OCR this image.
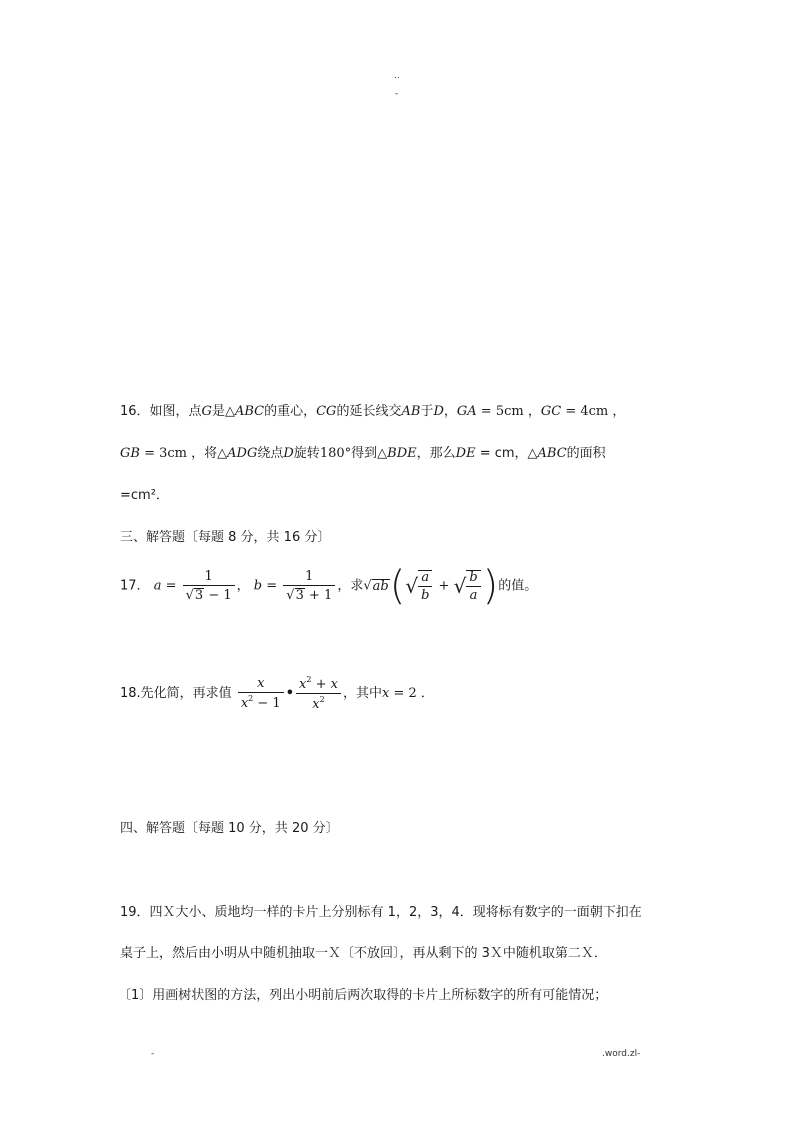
..
-
16．如图，点G是△ABC的重心，CG的延长线交AB于D，GA = 5cm ，GC = 4cm ，
GB = 3cm ，将△ADG绕点D旋转180°得到△BDE，那么DE = cm，△ABC的面积
=cm²．
三、解答题〔每题 8 分，共 16 分〕
17． $a = \frac{1}{√3 - 1}$ ， $b = \frac{1}{√3 + 1}$ ，求$√ab(√ \frac{a}{b}$ + √ $\frac{b}{a}$ )的值。
18.先化简，再求值 $\frac{x}{x^2 - 1}$ • $\frac{x^2 + x}{x^2}$ ，其中x = 2 ．
四、解答题〔每题 10 分，共 20 分〕
19．四Ｘ大小、质地均一样的卡片上分别标有 1，2，3，4．现将标有数字的一面朝下扣在
桌子上，然后由小明从中随机抽取一Ｘ〔不放回〕，再从剩下的 3Ｘ中随机取第二Ｘ．
〔1〕用画树状图的方法，列出小明前后两次取得的卡片上所标数字的所有可能情况；
-	.word.zl-
